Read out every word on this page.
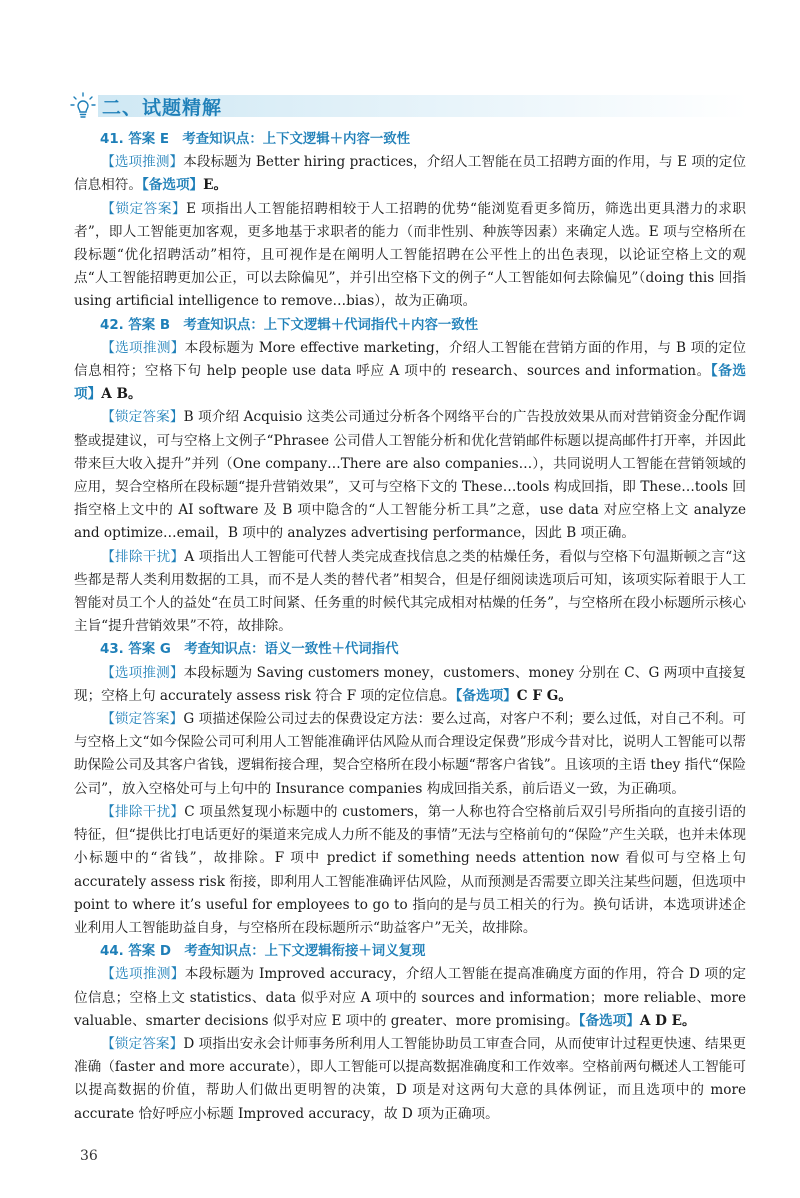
二、试题精解
41. 答案 E　考查知识点：上下文逻辑＋内容一致性

【选项推测】本段标题为 Better hiring practices，介绍人工智能在员工招聘方面的作用，与 E 项的定位信息相符。【备选项】E。

【锁定答案】E 项指出人工智能招聘相较于人工招聘的优势“能浏览看更多简历，筛选出更具潜力的求职者”，即人工智能更加客观，更多地基于求职者的能力（而非性别、种族等因素）来确定人选。E 项与空格所在段标题“优化招聘活动”相符，且可视作是在阐明人工智能招聘在公平性上的出色表现，以论证空格上文的观点“人工智能招聘更加公正，可以去除偏见”，并引出空格下文的例子“人工智能如何去除偏见”（doing this 回指 using artificial intelligence to remove…bias），故为正确项。

42. 答案 B　考查知识点：上下文逻辑＋代词指代＋内容一致性

【选项推测】本段标题为 More effective marketing，介绍人工智能在营销方面的作用，与 B 项的定位信息相符；空格下句 help people use data 呼应 A 项中的 research、sources and information。【备选项】A B。

【锁定答案】B 项介绍 Acquisio 这类公司通过分析各个网络平台的广告投放效果从而对营销资金分配作调整或提建议，可与空格上文例子“Phrasee 公司借人工智能分析和优化营销邮件标题以提高邮件打开率，并因此带来巨大收入提升”并列（One company…There are also companies…），共同说明人工智能在营销领域的应用，契合空格所在段标题“提升营销效果”，又可与空格下文的 These…tools 构成回指，即 These…tools 回指空格上文中的 AI software 及 B 项中隐含的“人工智能分析工具”之意，use data 对应空格上文 analyze and optimize…email，B 项中的 analyzes advertising performance，因此 B 项正确。

【排除干扰】A 项指出人工智能可代替人类完成查找信息之类的枯燥任务，看似与空格下句温斯顿之言“这些都是帮人类利用数据的工具，而不是人类的替代者”相契合，但是仔细阅读选项后可知，该项实际着眼于人工智能对员工个人的益处“在员工时间紧、任务重的时候代其完成相对枯燥的任务”，与空格所在段小标题所示核心主旨“提升营销效果”不符，故排除。

43. 答案 G　考查知识点：语义一致性＋代词指代

【选项推测】本段标题为 Saving customers money，customers、money 分别在 C、G 两项中直接复现；空格上句 accurately assess risk 符合 F 项的定位信息。【备选项】C F G。

【锁定答案】G 项描述保险公司过去的保费设定方法：要么过高，对客户不利；要么过低，对自己不利。可与空格上文“如今保险公司可利用人工智能准确评估风险从而合理设定保费”形成今昔对比，说明人工智能可以帮助保险公司及其客户省钱，逻辑衔接合理，契合空格所在段小标题“帮客户省钱”。且该项的主语 they 指代“保险公司”，放入空格处可与上句中的 Insurance companies 构成回指关系，前后语义一致，为正确项。

【排除干扰】C 项虽然复现小标题中的 customers，第一人称也符合空格前后双引号所指向的直接引语的特征，但“提供比打电话更好的渠道来完成人力所不能及的事情”无法与空格前句的“保险”产生关联，也并未体现小标题中的“省钱”，故排除。F 项中 predict if something needs attention now 看似可与空格上句 accurately assess risk 衔接，即利用人工智能准确评估风险，从而预测是否需要立即关注某些问题，但选项中 point to where it’s useful for employees to go to 指向的是与员工相关的行为。换句话讲，本选项讲述企业利用人工智能助益自身，与空格所在段标题所示“助益客户”无关，故排除。

44. 答案 D　考查知识点：上下文逻辑衔接＋词义复现

【选项推测】本段标题为 Improved accuracy，介绍人工智能在提高准确度方面的作用，符合 D 项的定位信息；空格上文 statistics、data 似乎对应 A 项中的 sources and information；more reliable、more valuable、smarter decisions 似乎对应 E 项中的 greater、more promising。【备选项】A D E。

【锁定答案】D 项指出安永会计师事务所利用人工智能协助员工审查合同，从而使审计过程更快速、结果更准确（faster and more accurate），即人工智能可以提高数据准确度和工作效率。空格前两句概述人工智能可以提高数据的价值，帮助人们做出更明智的决策，D 项是对这两句大意的具体例证，而且选项中的 more accurate 恰好呼应小标题 Improved accuracy，故 D 项为正确项。

36
